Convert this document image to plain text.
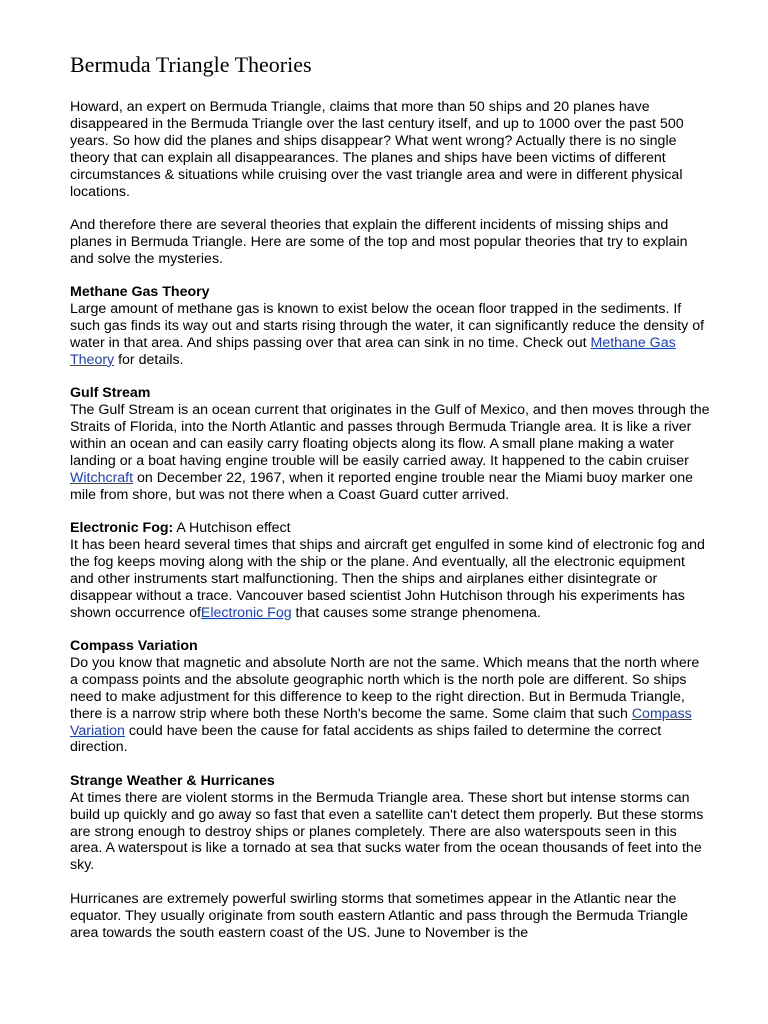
Bermuda Triangle Theories

Howard, an expert on Bermuda Triangle, claims that more than 50 ships and 20 planes have disappeared in the Bermuda Triangle over the last century itself, and up to 1000 over the past 500 years. So how did the planes and ships disappear? What went wrong? Actually there is no single theory that can explain all disappearances. The planes and ships have been victims of different circumstances & situations while cruising over the vast triangle area and were in different physical locations.

And therefore there are several theories that explain the different incidents of missing ships and planes in Bermuda Triangle. Here are some of the top and most popular theories that try to explain and solve the mysteries.

Methane Gas Theory
Large amount of methane gas is known to exist below the ocean floor trapped in the sediments. If such gas finds its way out and starts rising through the water, it can significantly reduce the density of water in that area. And ships passing over that area can sink in no time. Check out Methane Gas Theory for details.
Gulf Stream
The Gulf Stream is an ocean current that originates in the Gulf of Mexico, and then moves through the Straits of Florida, into the North Atlantic and passes through Bermuda Triangle area. It is like a river within an ocean and can easily carry floating objects along its flow. A small plane making a water landing or a boat having engine trouble will be easily carried away. It happened to the cabin cruiser Witchcraft on December 22, 1967, when it reported engine trouble near the Miami buoy marker one mile from shore, but was not there when a Coast Guard cutter arrived.
Electronic Fog: A Hutchison effect
It has been heard several times that ships and aircraft get engulfed in some kind of electronic fog and the fog keeps moving along with the ship or the plane. And eventually, all the electronic equipment and other instruments start malfunctioning. Then the ships and airplanes either disintegrate or disappear without a trace. Vancouver based scientist John Hutchison through his experiments has shown occurrence ofElectronic Fog that causes some strange phenomena.
Compass Variation
Do you know that magnetic and absolute North are not the same. Which means that the north where a compass points and the absolute geographic north which is the north pole are different. So ships need to make adjustment for this difference to keep to the right direction. But in Bermuda Triangle, there is a narrow strip where both these North's become the same. Some claim that such Compass Variation could have been the cause for fatal accidents as ships failed to determine the correct direction.
Strange Weather & Hurricanes
At times there are violent storms in the Bermuda Triangle area. These short but intense storms can build up quickly and go away so fast that even a satellite can't detect them properly. But these storms are strong enough to destroy ships or planes completely. There are also waterspouts seen in this area. A waterspout is like a tornado at sea that sucks water from the ocean thousands of feet into the sky.

Hurricanes are extremely powerful swirling storms that sometimes appear in the Atlantic near the equator. They usually originate from south eastern Atlantic and pass through the Bermuda Triangle area towards the south eastern coast of the US. June to November is the
